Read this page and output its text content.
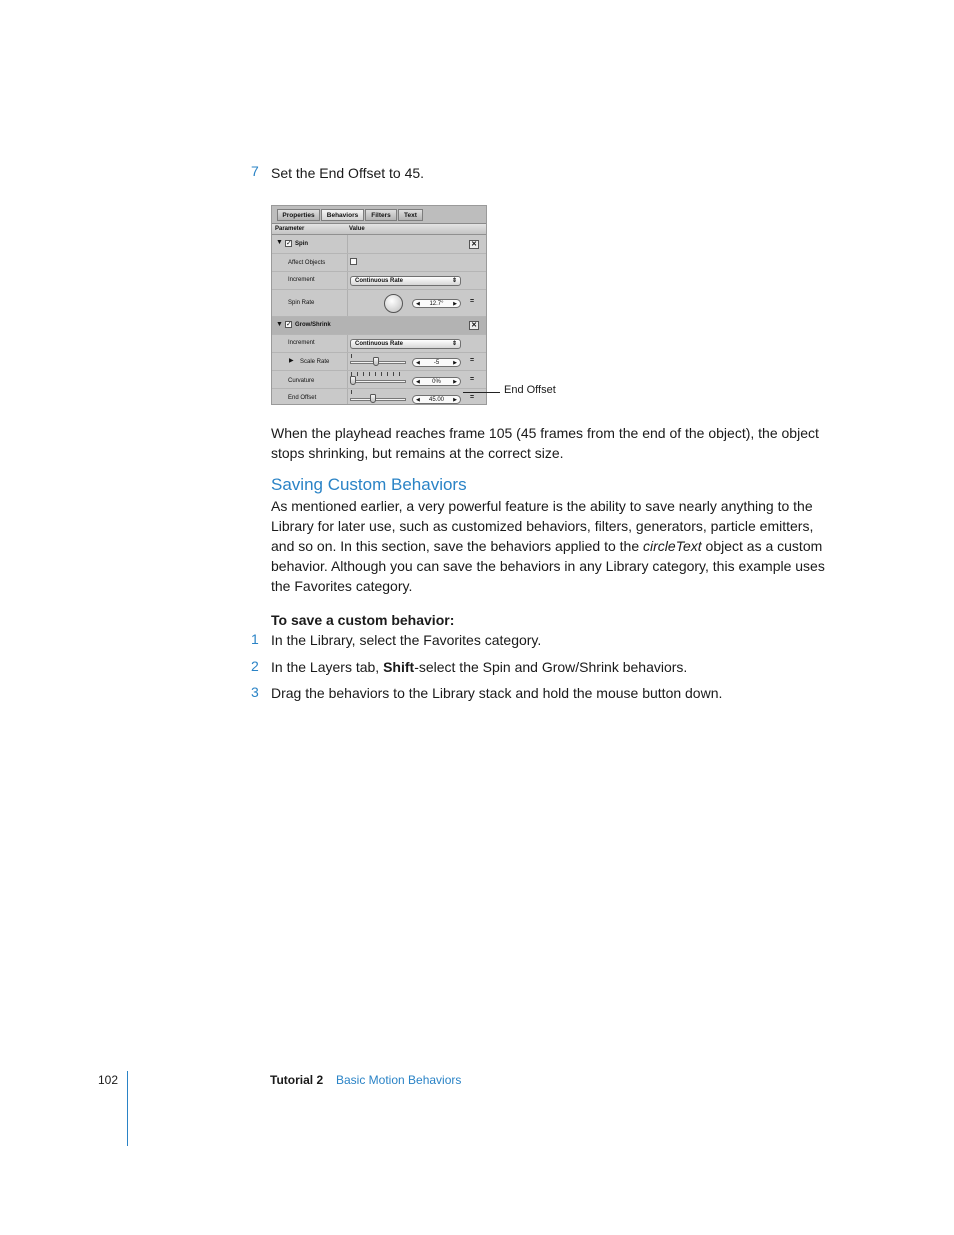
7 Set the End Offset to 45.
Properties	Behaviors	Filters	Text
Parameter	Value
▼ ✓ Spin	✕
Affect Objects
Increment	Continuous Rate	⇕
Spin Rate	◀ 12.7° ▶ =
▼ ✓ Grow/Shrink	✕
Increment	Continuous Rate	⇕
▶ Scale Rate	◀ -5	▶ =
Curvature	◀ 0% ▶ =
End Offset	◀ 45.00 ▶ =
End Offset
When the playhead reaches frame 105 (45 frames from the end of the object), the object stops shrinking, but remains at the correct size.
Saving Custom Behaviors
As mentioned earlier, a very powerful feature is the ability to save nearly anything to the Library for later use, such as customized behaviors, filters, generators, particle emitters, and so on. In this section, save the behaviors applied to the circleText object as a custom behavior. Although you can save the behaviors in any Library category, this example uses the Favorites category.
To save a custom behavior:
1 In the Library, select the Favorites category.
2 In the Layers tab, Shift-select the Spin and Grow/Shrink behaviors.
3 Drag the behaviors to the Library stack and hold the mouse button down.
102	Tutorial 2 Basic Motion Behaviors
